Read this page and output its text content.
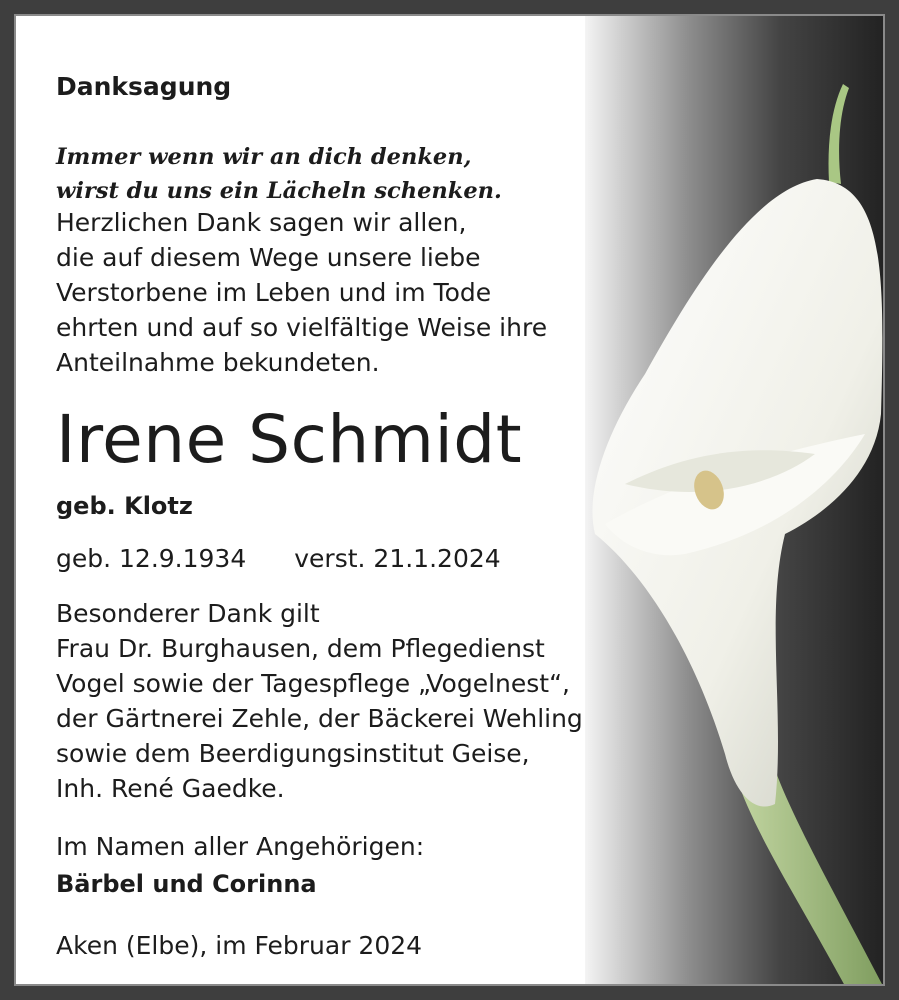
Danksagung

Immer wenn wir an dich denken,

wirst du uns ein Lächeln schenken.

Herzlichen Dank sagen wir allen,

die auf diesem Wege unsere liebe

Verstorbene im Leben und im Tode

ehrten und auf so vielfältige Weise ihre

Anteilnahme bekundeten.

Irene Schmidt

geb. Klotz

geb. 12.9.1934 verst. 21.1.2024

Besonderer Dank gilt

Frau Dr. Burghausen, dem Pflegedienst

Vogel sowie der Tagespflege „Vogelnest“,

der Gärtnerei Zehle, der Bäckerei Wehling

sowie dem Beerdigungsinstitut Geise,

Inh. René Gaedke.

Im Namen aller Angehörigen:

Bärbel und Corinna

Aken (Elbe), im Februar 2024
